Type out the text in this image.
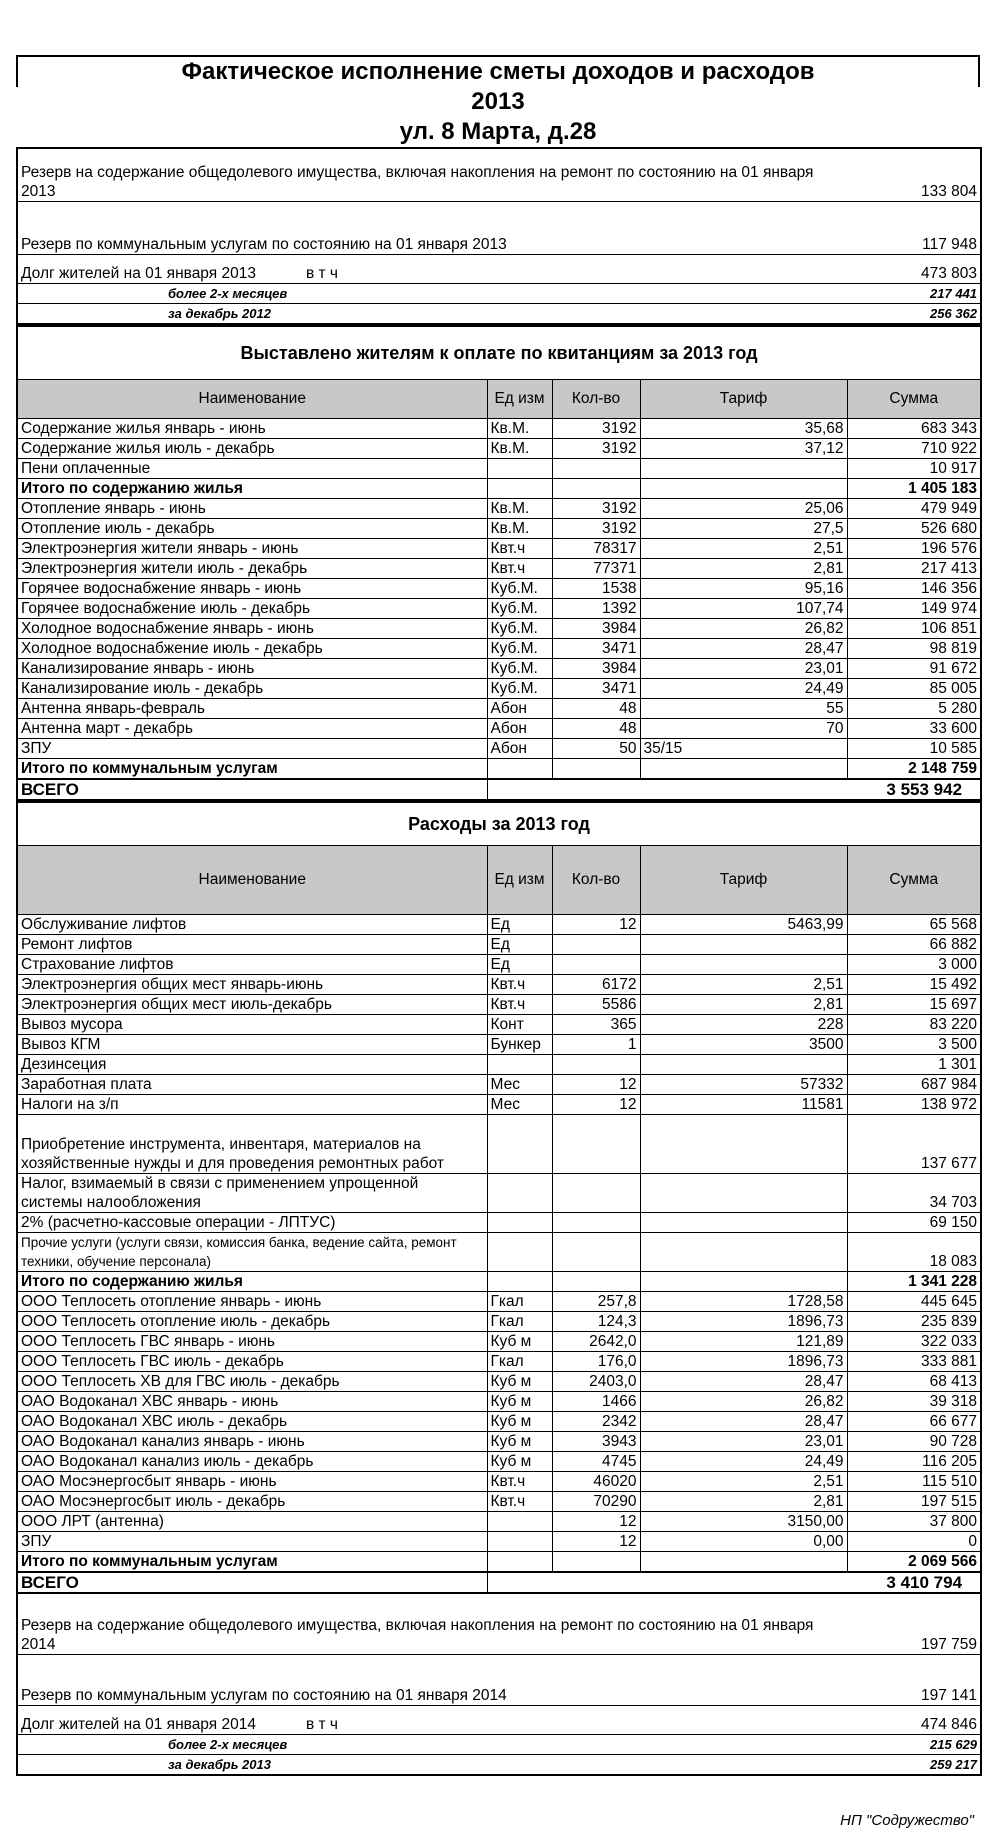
Фактическое исполнение сметы доходов и расходов
2013
ул. 8 Марта, д.28
Резерв на содержание общедолевого имущества, включая накопления на ремонт по состоянию на 01 января 2013	133 804
Резерв по коммунальным услугам по состоянию на 01 января 2013	117 948
Долг жителей на 01 января 2013 в т ч	473 803
более 2-х месяцев	217 441
за декабрь 2012	256 362
Выставлено жителям к оплате по квитанциям за 2013 год				
Наименование	Ед изм	Кол-во	Тариф	Сумма
Содержание жилья январь - июнь	Кв.М.	3192	35,68	683 343
Содержание жилья июль - декабрь	Кв.М.	3192	37,12	710 922
Пени оплаченные				10 917
Итого по содержанию жилья				1 405 183
Отопление январь - июнь	Кв.М.	3192	25,06	479 949
Отопление июль - декабрь	Кв.М.	3192	27,5	526 680
Электроэнергия жители январь - июнь	Квт.ч	78317	2,51	196 576
Электроэнергия жители июль - декабрь	Квт.ч	77371	2,81	217 413
Горячее водоснабжение январь - июнь	Куб.М.	1538	95,16	146 356
Горячее водоснабжение июль - декабрь	Куб.М.	1392	107,74	149 974
Холодное водоснабжение январь - июнь	Куб.М.	3984	26,82	106 851
Холодное водоснабжение июль - декабрь	Куб.М.	3471	28,47	98 819
Канализирование январь - июнь	Куб.М.	3984	23,01	91 672
Канализирование июль - декабрь	Куб.М.	3471	24,49	85 005
Антенна январь-февраль	Абон	48	55	5 280
Антенна март - декабрь	Абон	48	70	33 600
ЗПУ	Абон	50	35/15	10 585
Итого по коммунальным услугам				2 148 759
ВСЕГО	3 553 942			
Расходы за 2013 год				
Наименование	Ед изм	Кол-во	Тариф	Сумма
Обслуживание лифтов	Ед	12	5463,99	65 568
Ремонт лифтов	Ед			66 882
Страхование лифтов	Ед			3 000
Электроэнергия общих мест январь-июнь	Квт.ч	6172	2,51	15 492
Электроэнергия общих мест июль-декабрь	Квт.ч	5586	2,81	15 697
Вывоз мусора	Конт	365	228	83 220
Вывоз КГМ	Бункер	1	3500	3 500
Дезинсеция				1 301
Заработная плата	Мес	12	57332	687 984
Налоги на з/п	Мес	12	11581	138 972
Приобретение инструмента, инвентаря, материалов на хозяйственные нужды и для проведения ремонтных работ				137 677
Налог, взимаемый в связи с применением упрощенной системы налообложения				34 703
2% (расчетно-кассовые операции - ЛПТУС)				69 150
Прочие услуги (услуги связи, комиссия банка, ведение сайта, ремонт техники, обучение персонала)				18 083
Итого по содержанию жилья				1 341 228
ООО Теплосеть отопление январь - июнь	Гкал	257,8	1728,58	445 645
ООО Теплосеть отопление июль - декабрь	Гкал	124,3	1896,73	235 839
ООО Теплосеть ГВС январь - июнь	Куб м	2642,0	121,89	322 033
ООО Теплосеть ГВС июль - декабрь	Гкал	176,0	1896,73	333 881
ООО Теплосеть ХВ для ГВС июль - декабрь	Куб м	2403,0	28,47	68 413
ОАО Водоканал ХВС январь - июнь	Куб м	1466	26,82	39 318
ОАО Водоканал ХВС июль - декабрь	Куб м	2342	28,47	66 677
ОАО Водоканал канализ январь - июнь	Куб м	3943	23,01	90 728
ОАО Водоканал канализ июль - декабрь	Куб м	4745	24,49	116 205
ОАО Мосэнергосбыт январь - июнь	Квт.ч	46020	2,51	115 510
ОАО Мосэнергосбыт июль - декабрь	Квт.ч	70290	2,81	197 515
ООО ЛРТ (антенна)		12	3150,00	37 800
ЗПУ		12	0,00	0
Итого по коммунальным услугам				2 069 566
ВСЕГО	3 410 794			
Резерв на содержание общедолевого имущества, включая накопления на ремонт по состоянию на 01 января 2014	197 759
Резерв по коммунальным услугам по состоянию на 01 января 2014	197 141
Долг жителей на 01 января 2014 в т ч	474 846
более 2-х месяцев	215 629
за декабрь 2013	259 217
НП "Содружество"
